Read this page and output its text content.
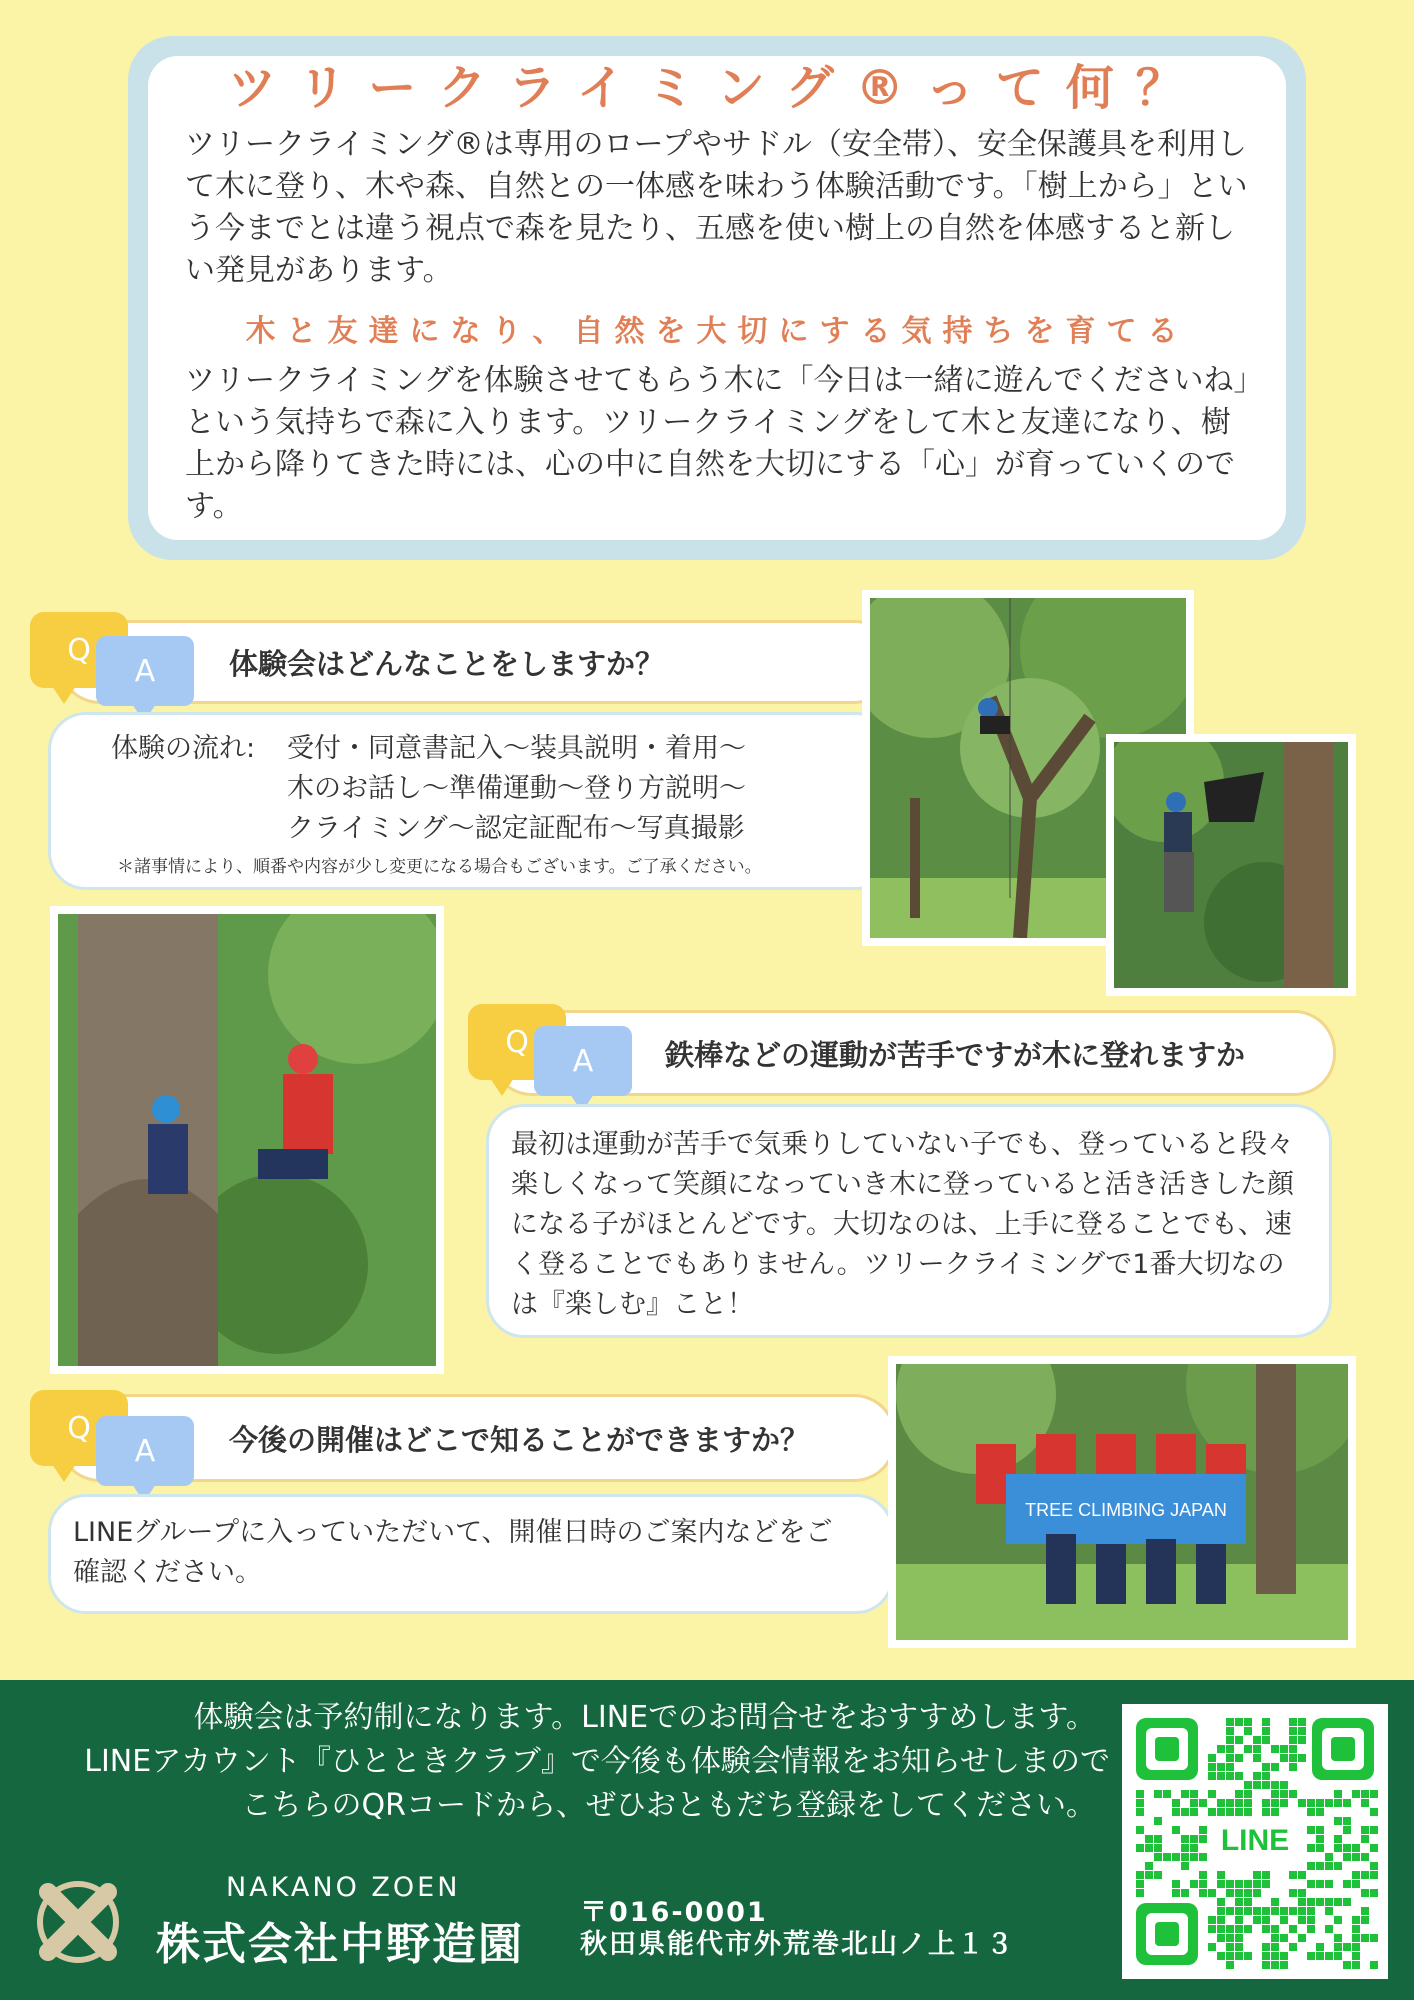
ツリークライミング®って何？

ツリークライミング®は専用のロープやサドル（安全帯）、安全保護具を利用して木に登り、木や森、自然との一体感を味わう体験活動です。「樹上から」という今までとは違う視点で森を見たり、五感を使い樹上の自然を体感すると新しい発見があります。

木と友達になり、自然を大切にする気持ちを育てる

ツリークライミングを体験させてもらう木に「今日は一緒に遊んでくださいね」という気持ちで森に入ります。ツリークライミングをして木と友達になり、樹上から降りてきた時には、心の中に自然を大切にする「心」が育っていくのです。

体験会はどんなことをしますか？
Q
A
体験の流れ: 受付・同意書記入～装具説明・着用～
木のお話し～準備運動～登り方説明～
クライミング～認定証配布～写真撮影
＊諸事情により、順番や内容が少し変更になる場合もございます。ご了承ください。
鉄棒などの運動が苦手ですが木に登れますか
Q
A

最初は運動が苦手で気乗りしていない子でも、登っていると段々楽しくなって笑顔になっていき木に登っていると活き活きした顔になる子がほとんどです。大切なのは、上手に登ることでも、速く登ることでもありません。ツリークライミングで1番大切なのは『楽しむ』こと！

今後の開催はどこで知ることができますか？
Q
A

LINEグループに入っていただいて、開催日時のご案内などをご確認ください。

TREE CLIMBING JAPAN
体験会は予約制になります。LINEでのお問合せをおすすめします。
LINEアカウント『ひとときクラブ』で今後も体験会情報をお知らせしまので
こちらのQRコードから、ぜひおともだち登録をしてください。
NAKANO ZOEN
株式会社中野造園
〒016-0001
秋田県能代市外荒巻北山ノ上１３
LINE
